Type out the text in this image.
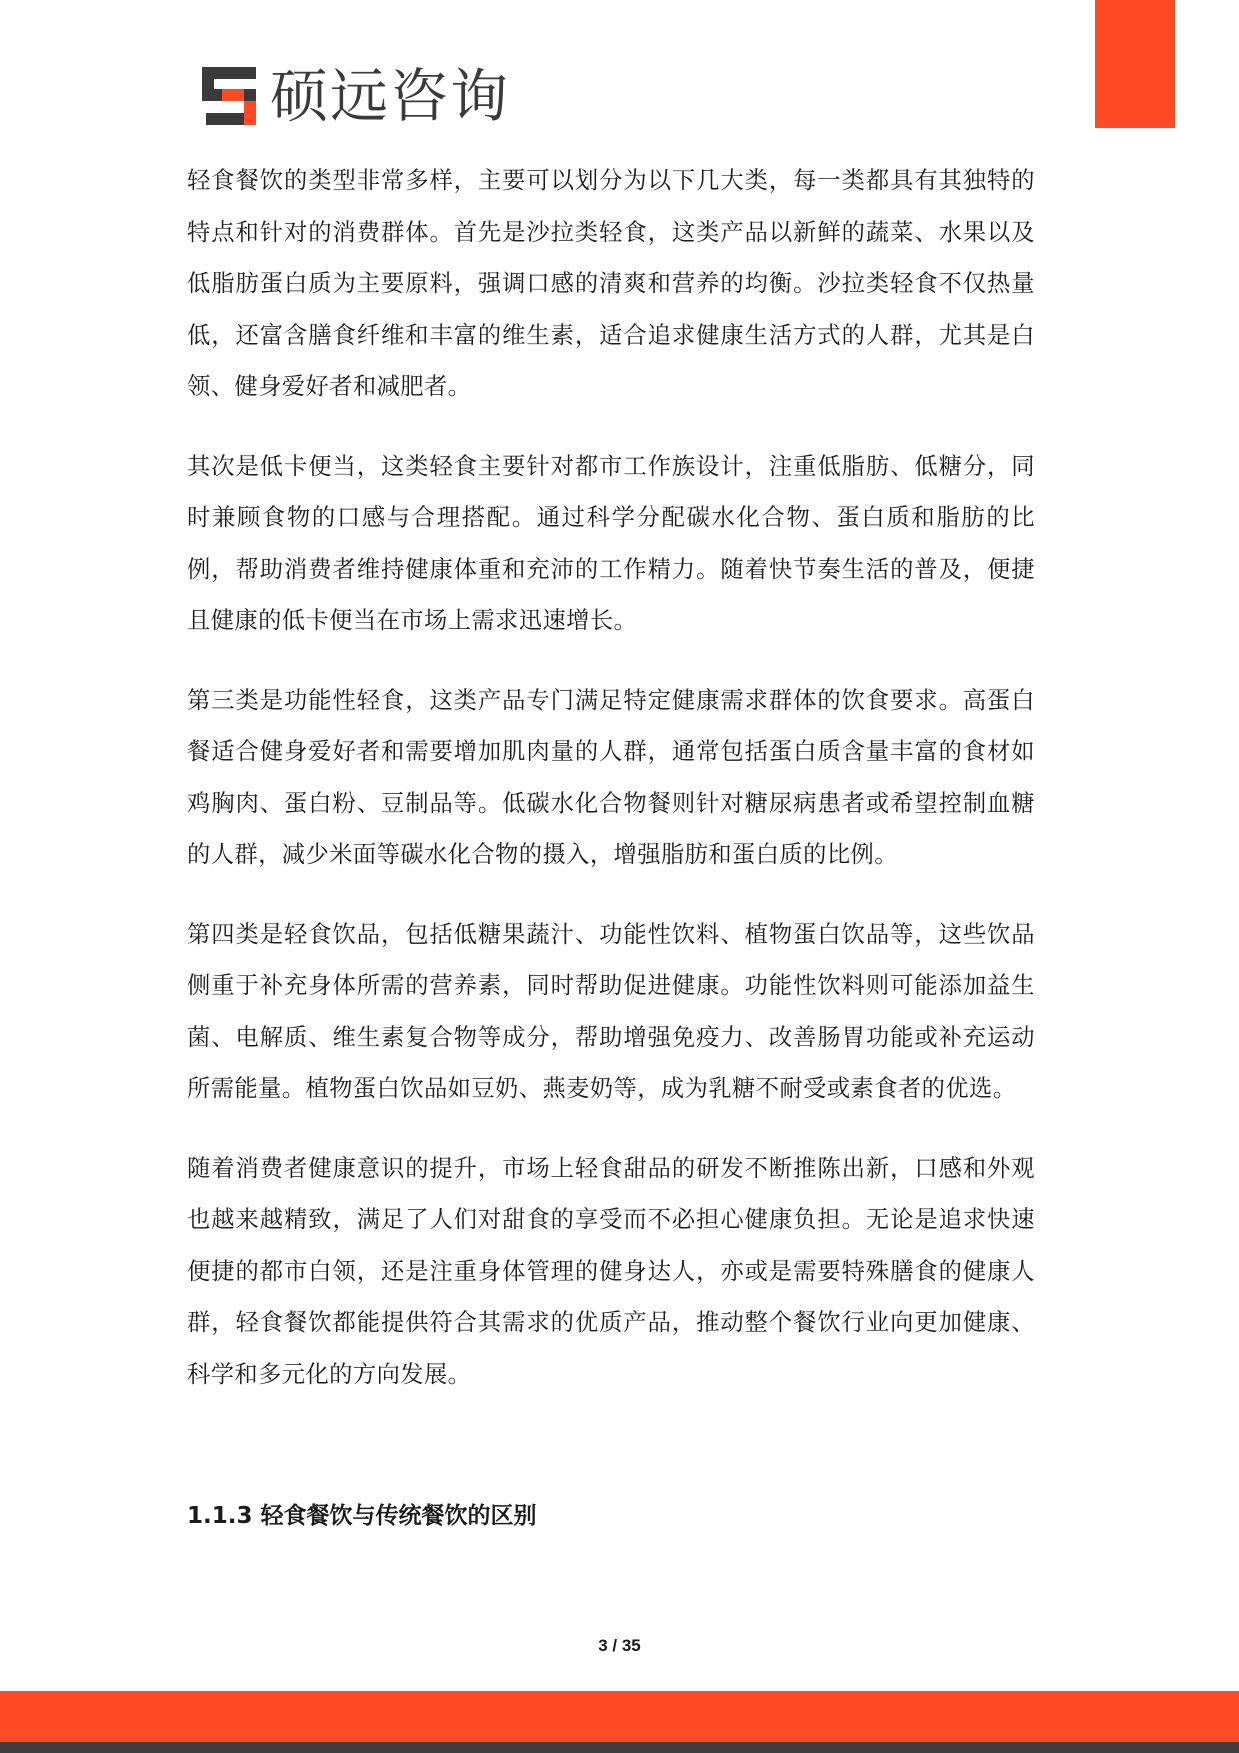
硕远咨询

轻食餐饮的类型非常多样，主要可以划分为以下几大类，每一类都具有其独特的特点和针对的消费群体。首先是沙拉类轻食，这类产品以新鲜的蔬菜、水果以及低脂肪蛋白质为主要原料，强调口感的清爽和营养的均衡。沙拉类轻食不仅热量低，还富含膳食纤维和丰富的维生素，适合追求健康生活方式的人群，尤其是白领、健身爱好者和减肥者。

其次是低卡便当，这类轻食主要针对都市工作族设计，注重低脂肪、低糖分，同时兼顾食物的口感与合理搭配。通过科学分配碳水化合物、蛋白质和脂肪的比例，帮助消费者维持健康体重和充沛的工作精力。随着快节奏生活的普及，便捷且健康的低卡便当在市场上需求迅速增长。

第三类是功能性轻食，这类产品专门满足特定健康需求群体的饮食要求。高蛋白餐适合健身爱好者和需要增加肌肉量的人群，通常包括蛋白质含量丰富的食材如鸡胸肉、蛋白粉、豆制品等。低碳水化合物餐则针对糖尿病患者或希望控制血糖的人群，减少米面等碳水化合物的摄入，增强脂肪和蛋白质的比例。

第四类是轻食饮品，包括低糖果蔬汁、功能性饮料、植物蛋白饮品等，这些饮品侧重于补充身体所需的营养素，同时帮助促进健康。功能性饮料则可能添加益生菌、电解质、维生素复合物等成分，帮助增强免疫力、改善肠胃功能或补充运动所需能量。植物蛋白饮品如豆奶、燕麦奶等，成为乳糖不耐受或素食者的优选。

随着消费者健康意识的提升，市场上轻食甜品的研发不断推陈出新，口感和外观也越来越精致，满足了人们对甜食的享受而不必担心健康负担。无论是追求快速便捷的都市白领，还是注重身体管理的健身达人，亦或是需要特殊膳食的健康人群，轻食餐饮都能提供符合其需求的优质产品，推动整个餐饮行业向更加健康、科学和多元化的方向发展。

1.1.3 轻食餐饮与传统餐饮的区别
3 / 35
